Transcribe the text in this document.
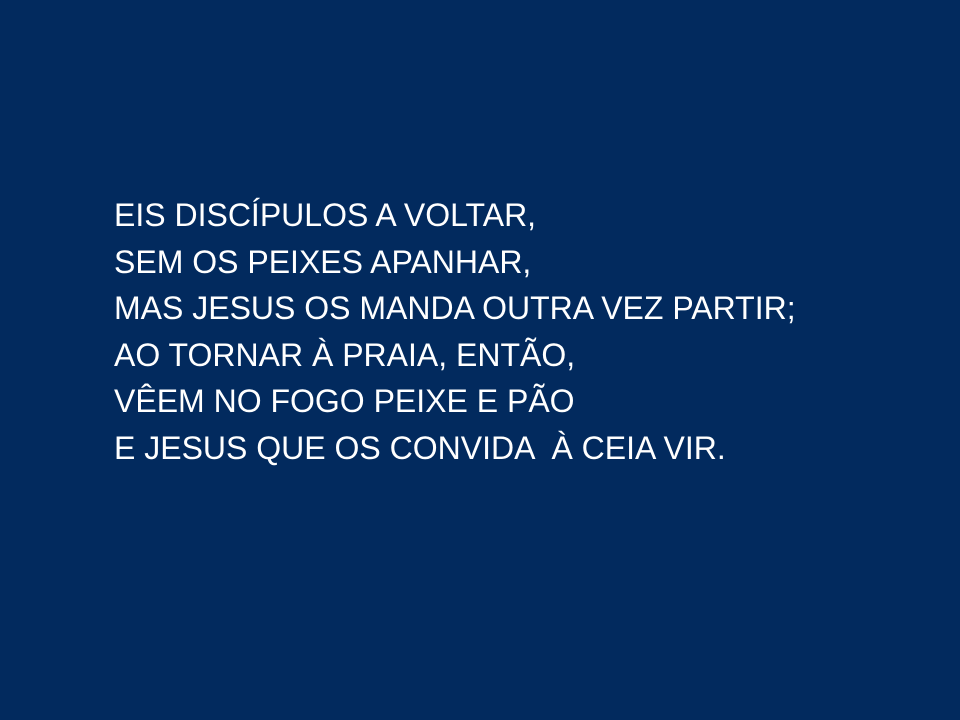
EIS DISCÍPULOS A VOLTAR,
SEM OS PEIXES APANHAR,
MAS JESUS OS MANDA OUTRA VEZ PARTIR;
AO TORNAR À PRAIA, ENTÃO,
VÊEM NO FOGO PEIXE E PÃO
E JESUS QUE OS CONVIDA  À CEIA VIR.
